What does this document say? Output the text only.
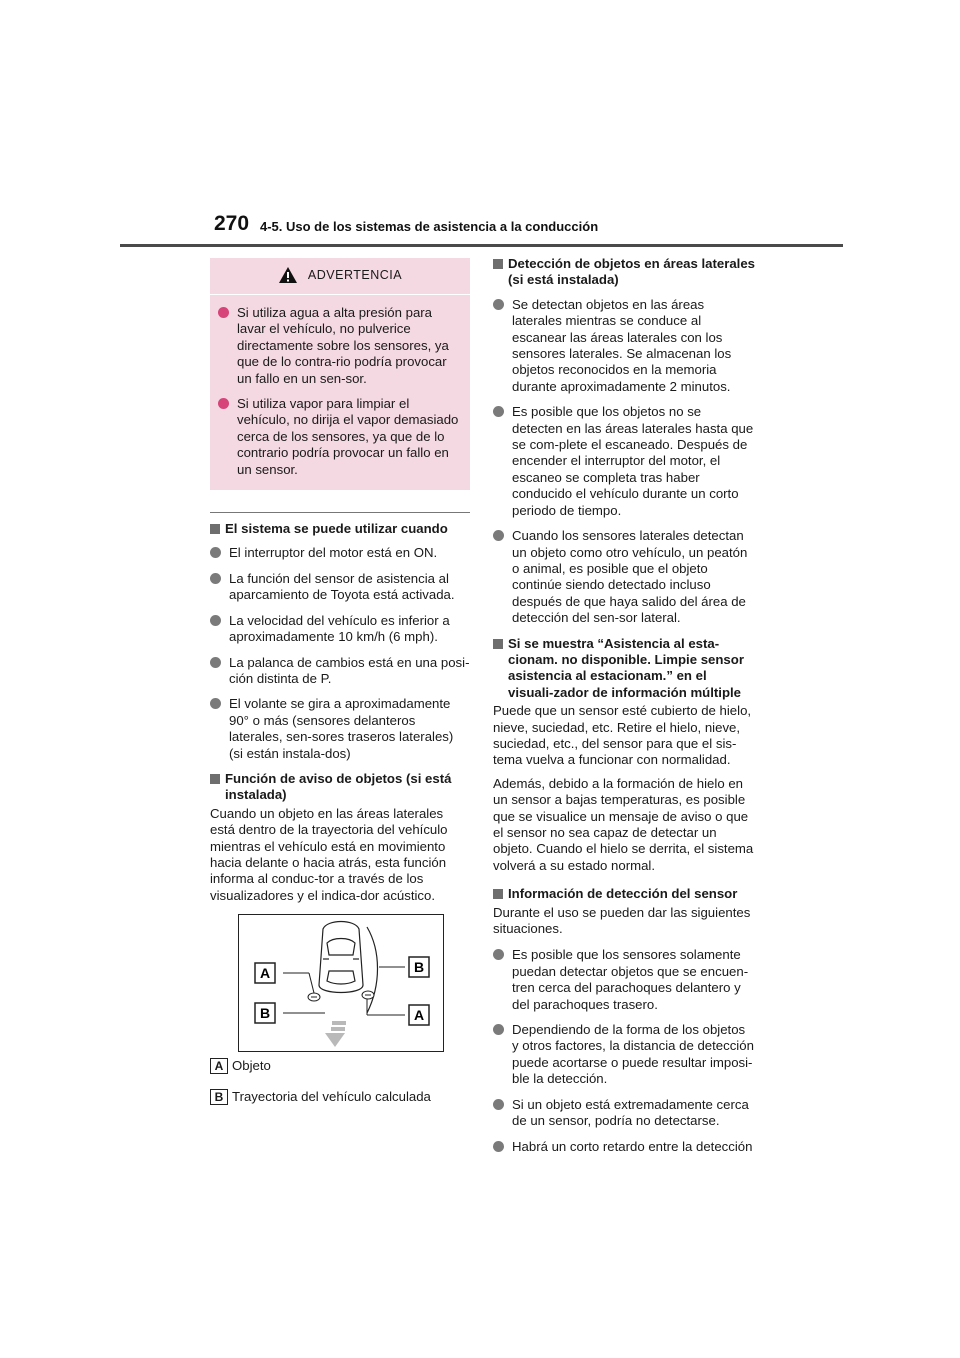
270 4-5. Uso de los sistemas de asistencia a la conducción
ADVERTENCIA
Si utiliza agua a alta presión para lavar el vehículo, no pulverice directamente sobre los sensores, ya que de lo contra-rio podría provocar un fallo en un sen-sor.
Si utiliza vapor para limpiar el vehículo, no dirija el vapor demasiado cerca de los sensores, ya que de lo contrario podría provocar un fallo en un sensor.
El sistema se puede utilizar cuando
El interruptor del motor está en ON.
La función del sensor de asistencia al aparcamiento de Toyota está activada.
La velocidad del vehículo es inferior a aproximadamente 10 km/h (6 mph).
La palanca de cambios está en una posi-ción distinta de P.
El volante se gira a aproximadamente 90° o más (sensores delanteros laterales, sen-sores traseros laterales) (si están instala-dos)
Función de aviso de objetos (si está instalada)

Cuando un objeto en las áreas laterales está dentro de la trayectoria del vehículo mientras el vehículo está en movimiento hacia delante o hacia atrás, esta función informa al conduc-tor a través de los visualizadores y el indica-dor acústico.

A
B
B
A
A Objeto
B Trayectoria del vehículo calculada
Detección de objetos en áreas laterales (si está instalada)
Se detectan objetos en las áreas laterales mientras se conduce al escanear las áreas laterales con los sensores laterales. Se almacenan los objetos reconocidos en la memoria durante aproximadamente 2 minutos.
Es posible que los objetos no se detecten en las áreas laterales hasta que se com-plete el escaneado. Después de encender el interruptor del motor, el escaneo se completa tras haber conducido el vehículo durante un corto periodo de tiempo.
Cuando los sensores laterales detectan un objeto como otro vehículo, un peatón o animal, es posible que el objeto continúe siendo detectado incluso después de que haya salido del área de detección del sen-sor lateral.
Si se muestra “Asistencia al esta-cionam. no disponible. Limpie sensor asistencia al estacionam.” en el visuali-zador de información múltiple

Puede que un sensor esté cubierto de hielo, nieve, suciedad, etc. Retire el hielo, nieve, suciedad, etc., del sensor para que el sis-tema vuelva a funcionar con normalidad.

Además, debido a la formación de hielo en un sensor a bajas temperaturas, es posible que se visualice un mensaje de aviso o que el sensor no sea capaz de detectar un objeto. Cuando el hielo se derrita, el sistema volverá a su estado normal.

Información de detección del sensor

Durante el uso se pueden dar las siguientes situaciones.

Es posible que los sensores solamente puedan detectar objetos que se encuen-tren cerca del parachoques delantero y del parachoques trasero.
Dependiendo de la forma de los objetos y otros factores, la distancia de detección puede acortarse o puede resultar imposi-ble la detección.
Si un objeto está extremadamente cerca de un sensor, podría no detectarse.
Habrá un corto retardo entre la detección
